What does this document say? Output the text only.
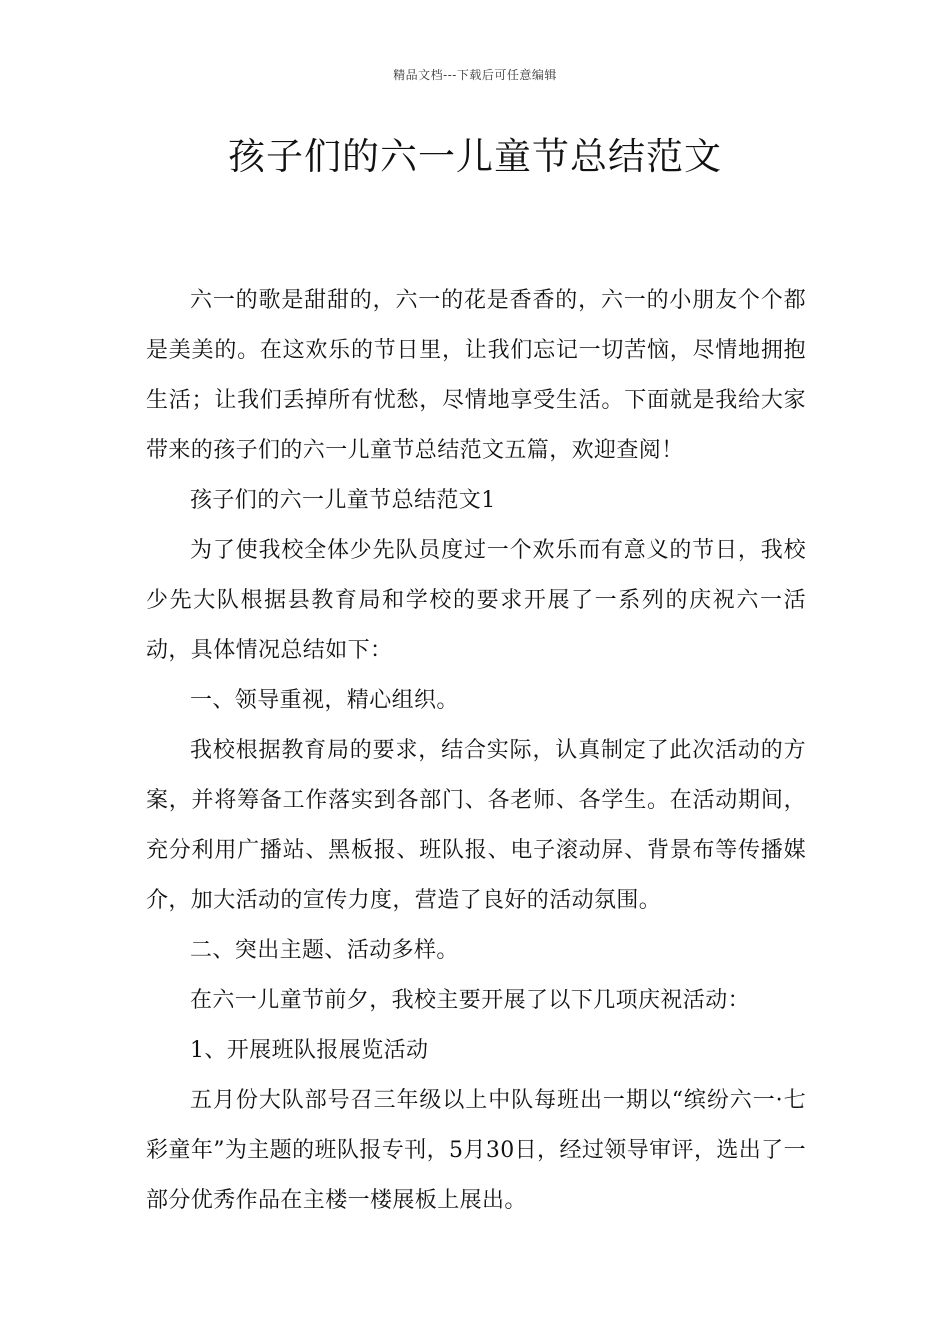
精品文档---下载后可任意编辑
孩子们的六一儿童节总结范文

六一的歌是甜甜的，六一的花是香香的，六一的小朋友个个都是美美的。在这欢乐的节日里，让我们忘记一切苦恼，尽情地拥抱生活；让我们丢掉所有忧愁，尽情地享受生活。下面就是我给大家带来的孩子们的六一儿童节总结范文五篇，欢迎查阅！

孩子们的六一儿童节总结范文1

为了使我校全体少先队员度过一个欢乐而有意义的节日，我校少先大队根据县教育局和学校的要求开展了一系列的庆祝六一活动，具体情况总结如下：

一、领导重视，精心组织。

我校根据教育局的要求，结合实际，认真制定了此次活动的方案，并将筹备工作落实到各部门、各老师、各学生。在活动期间，充分利用广播站、黑板报、班队报、电子滚动屏、背景布等传播媒介，加大活动的宣传力度，营造了良好的活动氛围。

二、突出主题、活动多样。

在六一儿童节前夕，我校主要开展了以下几项庆祝活动：

1、开展班队报展览活动

五月份大队部号召三年级以上中队每班出一期以“缤纷六一·七彩童年”为主题的班队报专刊，5月30日，经过领导审评，选出了一部分优秀作品在主楼一楼展板上展出。
